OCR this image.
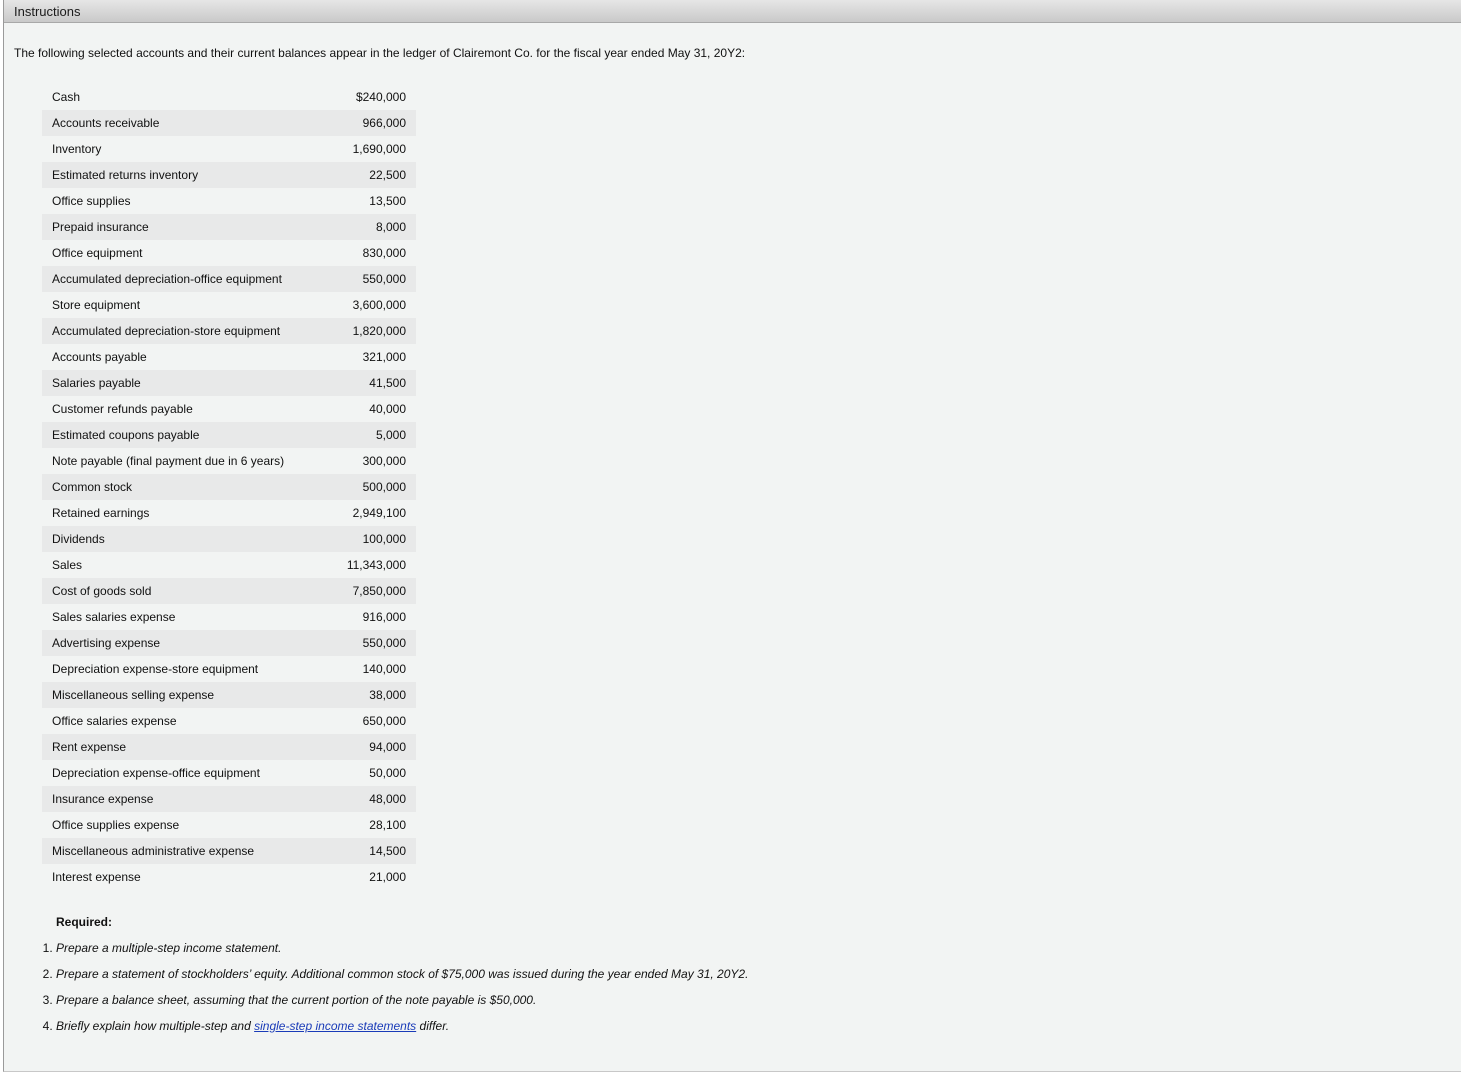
Instructions
The following selected accounts and their current balances appear in the ledger of Clairemont Co. for the fiscal year ended May 31, 20Y2:
Cash	$240,000
Accounts receivable	966,000
Inventory	1,690,000
Estimated returns inventory	22,500
Office supplies	13,500
Prepaid insurance	8,000
Office equipment	830,000
Accumulated depreciation-office equipment	550,000
Store equipment	3,600,000
Accumulated depreciation-store equipment	1,820,000
Accounts payable	321,000
Salaries payable	41,500
Customer refunds payable	40,000
Estimated coupons payable	5,000
Note payable (final payment due in 6 years)	300,000
Common stock	500,000
Retained earnings	2,949,100
Dividends	100,000
Sales	11,343,000
Cost of goods sold	7,850,000
Sales salaries expense	916,000
Advertising expense	550,000
Depreciation expense-store equipment	140,000
Miscellaneous selling expense	38,000
Office salaries expense	650,000
Rent expense	94,000
Depreciation expense-office equipment	50,000
Insurance expense	48,000
Office supplies expense	28,100
Miscellaneous administrative expense	14,500
Interest expense	21,000
Required:
1. Prepare a multiple-step income statement.
2. Prepare a statement of stockholders’ equity. Additional common stock of $75,000 was issued during the year ended May 31, 20Y2.
3. Prepare a balance sheet, assuming that the current portion of the note payable is $50,000.
4. Briefly explain how multiple-step and single-step income statements differ.
